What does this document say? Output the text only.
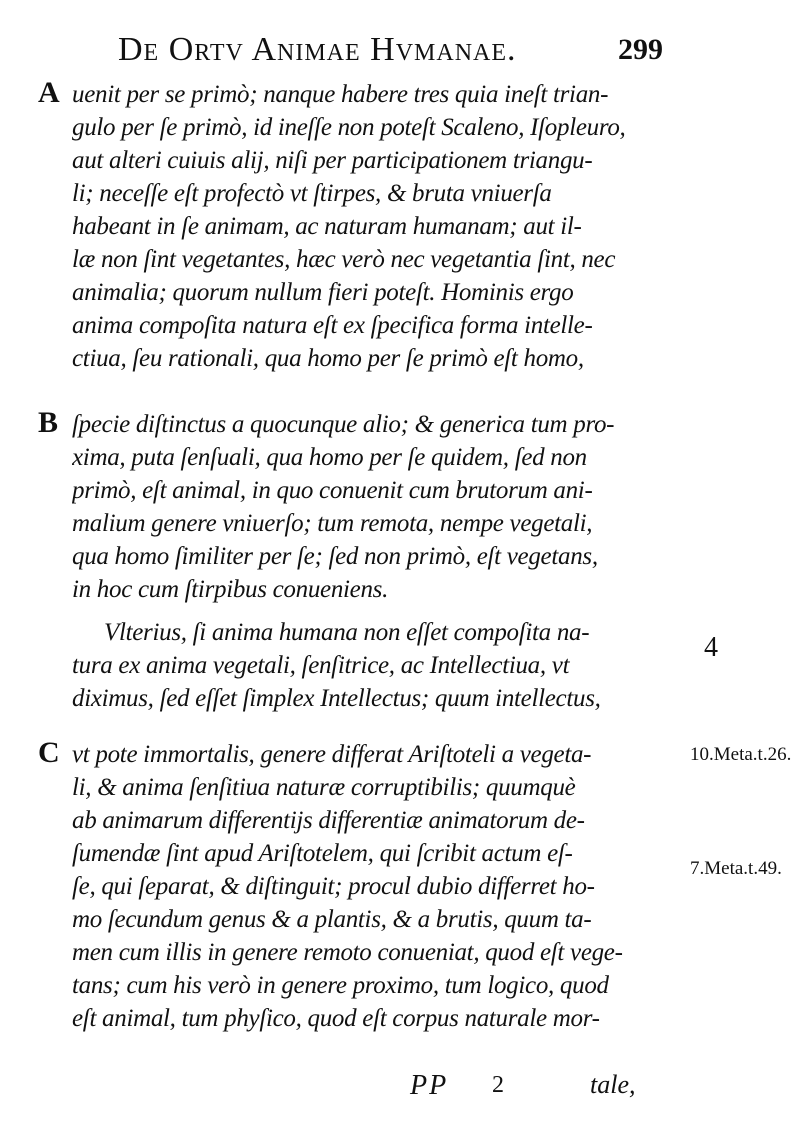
De Ortv Animae Hvmanae.	299
A
B
C
uenit per se primò; nanque habere tres quia ineſt trian-
gulo per ſe primò, id ineſſe non poteſt Scaleno, Iſopleuro,
aut alteri cuiuis alij, niſi per participationem triangu-
li; neceſſe eſt profectò vt ſtirpes, & bruta vniuerſa
habeant in ſe animam, ac naturam humanam; aut il-
læ non ſint vegetantes, hæc verò nec vegetantia ſint, nec
animalia; quorum nullum fieri poteſt. Hominis ergo
anima compoſita natura eſt ex ſpecifica forma intelle-
ctiua, ſeu rationali, qua homo per ſe primò eſt homo,
ſpecie diſtinctus a quocunque alio; & generica tum pro-
xima, puta ſenſuali, qua homo per ſe quidem, ſed non
primò, eſt animal, in quo conuenit cum brutorum ani-
malium genere vniuerſo; tum remota, nempe vegetali,
qua homo ſimiliter per ſe; ſed non primò, eſt vegetans,
in hoc cum ſtirpibus conueniens.
Vlterius, ſi anima humana non eſſet compoſita na-
tura ex anima vegetali, ſenſitrice, ac Intellectiua, vt
diximus, ſed eſſet ſimplex Intellectus; quum intellectus,
vt pote immortalis, genere differat Ariſtoteli a vegeta-
li, & anima ſenſitiua naturæ corruptibilis; quumquè
ab animarum differentijs differentiæ animatorum de-
ſumendæ ſint apud Ariſtotelem, qui ſcribit actum eſ-
ſe, qui ſeparat, & diſtinguit; procul dubio differret ho-
mo ſecundum genus & a plantis, & a brutis, quum ta-
men cum illis in genere remoto conueniat, quod eſt vege-
tans; cum his verò in genere proximo, tum logico, quod
eſt animal, tum phyſico, quod eſt corpus naturale mor-
4
10.Meta.t.26.
7.Meta.t.49.
PP 2	tale,
